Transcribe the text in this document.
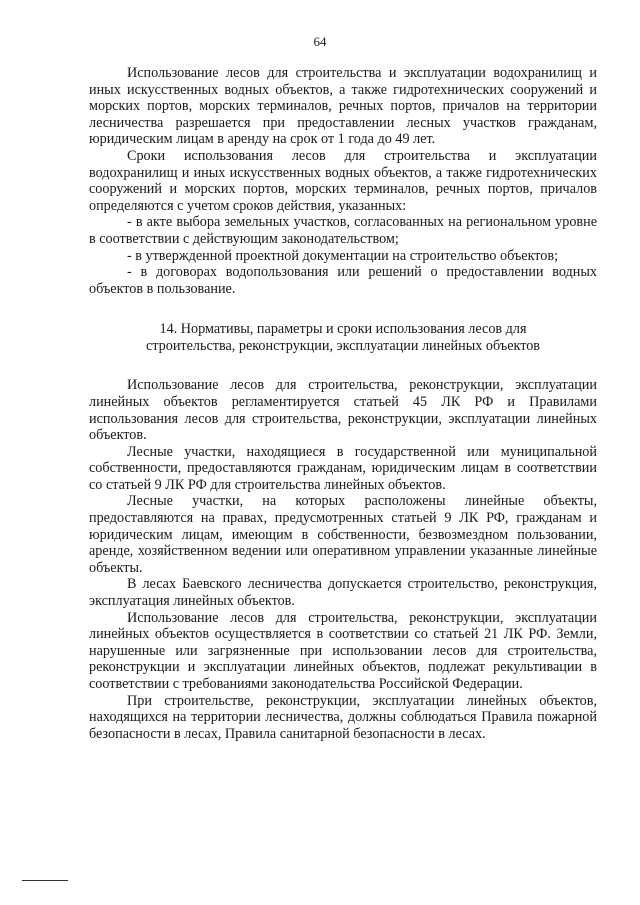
64

Использование лесов для строительства и эксплуатации водохранилищ и иных искусственных водных объектов, а также гидротехнических сооружений и морских портов, морских терминалов, речных портов, причалов на территории лесничества разрешается при предоставлении лесных участков гражданам, юридическим лицам в аренду на срок от 1 года до 49 лет.

Сроки использования лесов для строительства и эксплуатации водохранилищ и иных искусственных водных объектов, а также гидротехнических сооружений и морских портов, морских терминалов, речных портов, причалов определяются с учетом сроков действия, указанных:

- в акте выбора земельных участков, согласованных на региональном уровне в соответствии с действующим законодательством;

- в утвержденной проектной документации на строительство объектов;

- в договорах водопользования или решений о предоставлении водных объектов в пользование.

14. Нормативы, параметры и сроки использования лесов для
строительства, реконструкции, эксплуатации линейных объектов

Использование лесов для строительства, реконструкции, эксплуатации линейных объектов регламентируется статьей 45 ЛК РФ и Правилами использования лесов для строительства, реконструкции, эксплуатации линейных объектов.

Лесные участки, находящиеся в государственной или муниципальной собственности, предоставляются гражданам, юридическим лицам в соответствии со статьей 9 ЛК РФ для строительства линейных объектов.

Лесные участки, на которых расположены линейные объекты, предоставляются на правах, предусмотренных статьей 9 ЛК РФ, гражданам и юридическим лицам, имеющим в собственности, безвозмездном пользовании, аренде, хозяйственном ведении или оперативном управлении указанные линейные объекты.

В лесах Баевского лесничества допускается строительство, реконструкция, эксплуатация линейных объектов.

Использование лесов для строительства, реконструкции, эксплуатации линейных объектов осуществляется в соответствии со статьей 21 ЛК РФ. Земли, нарушенные или загрязненные при использовании лесов для строительства, реконструкции и эксплуатации линейных объектов, подлежат рекультивации в соответствии с требованиями законодательства Российской Федерации.

При строительстве, реконструкции, эксплуатации линейных объектов, находящихся на территории лесничества, должны соблюдаться Правила пожарной безопасности в лесах, Правила санитарной безопасности в лесах.
